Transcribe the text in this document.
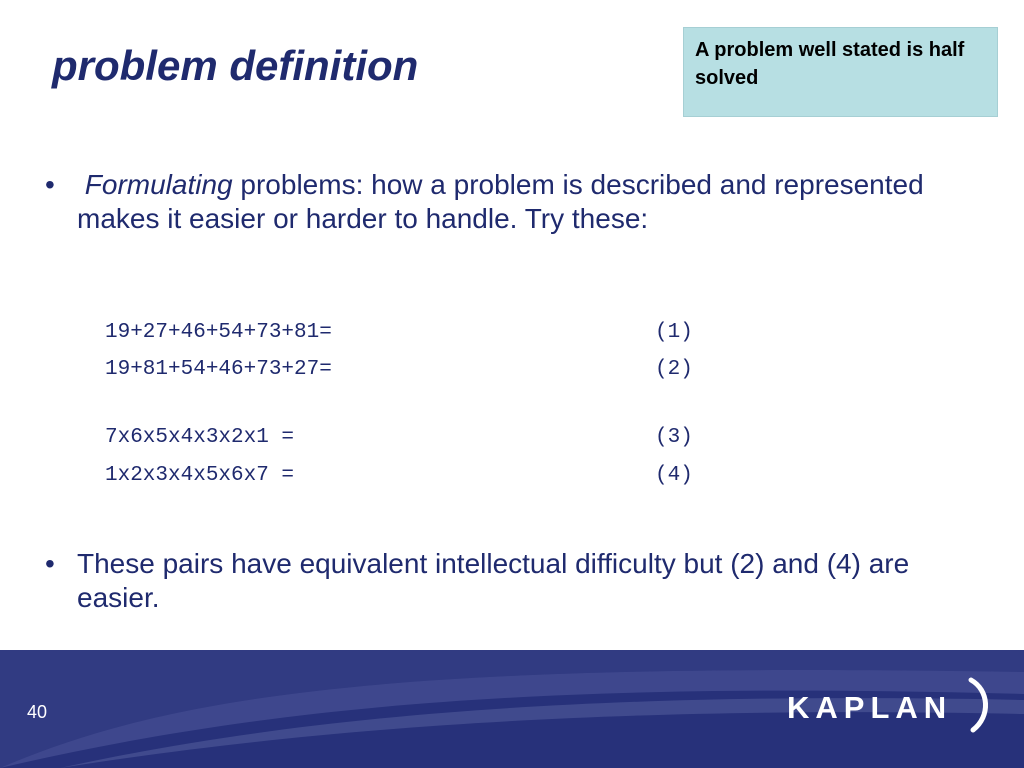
problem definition	A problem well stated is half solved
• Formulating problems: how a problem is described and represented makes it easier or harder to handle. Try these:
19+27+46+54+73+81=	(1)
19+81+54+46+73+27=	(2)
7x6x5x4x3x2x1 =	(3)
1x2x3x4x5x6x7 =	(4)
• These pairs have equivalent intellectual difficulty but (2) and (4) are easier.
40	KAPLAN
